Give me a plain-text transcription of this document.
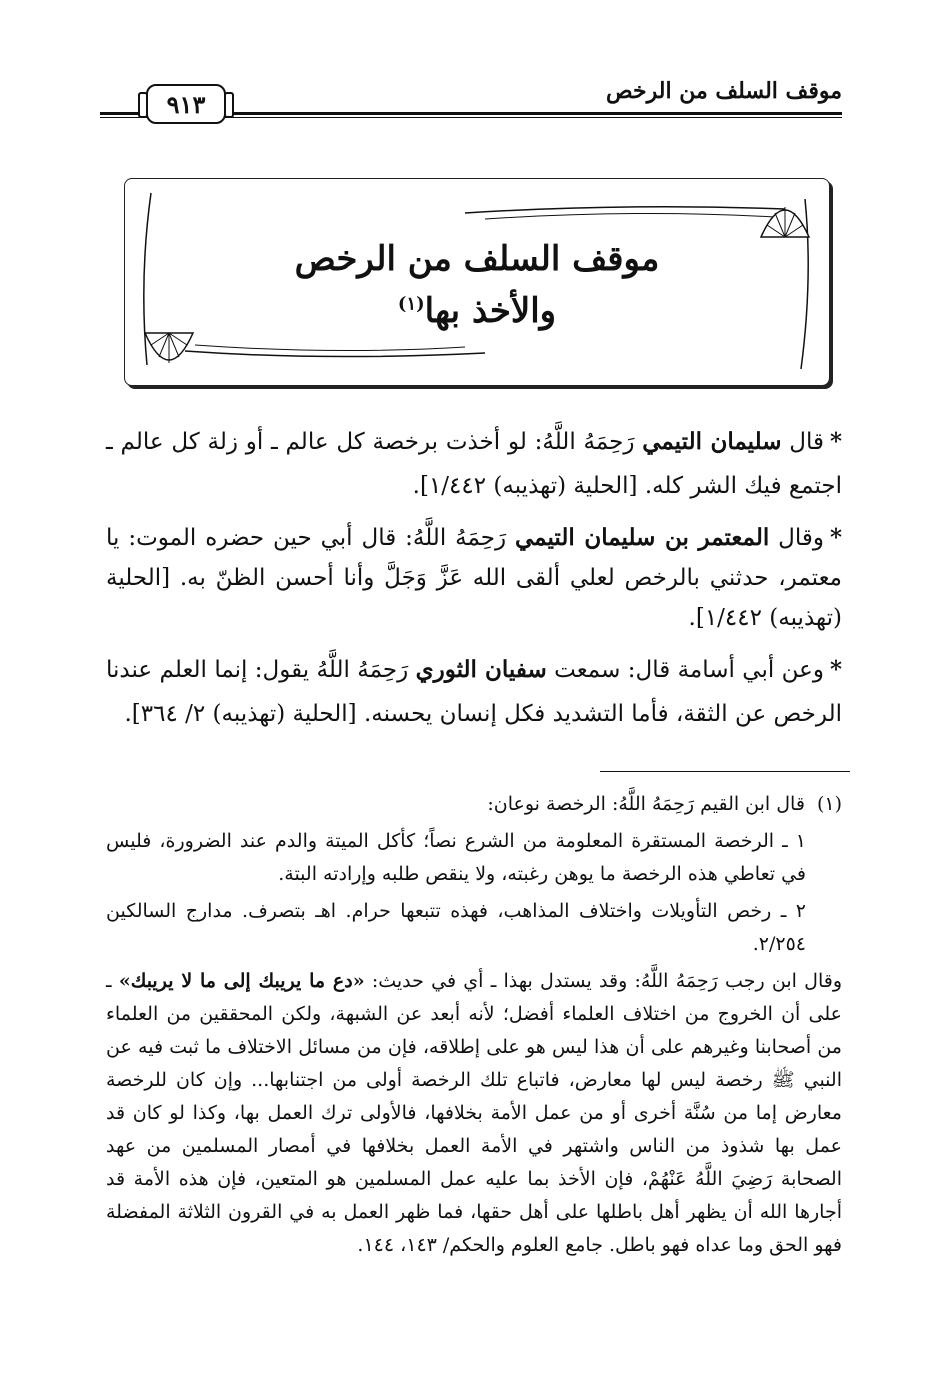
موقف السلف من الرخص
٩١٣
موقف السلف من الرخص
والأخذ بها$^{(١)}$

*قال سليمان التيمي رَحِمَهُ اللَّهُ: لو أخذت برخصة كل عالم ـ أو زلة كل عالم ـ اجتمع فيك الشر كله. [الحلية (تهذيبه) ١/٤٤٢].

*وقال المعتمر بن سليمان التيمي رَحِمَهُ اللَّهُ: قال أبي حين حضره الموت: يا معتمر، حدثني بالرخص لعلي ألقى الله عَزَّ وَجَلَّ وأنا أحسن الظنّ به. [الحلية (تهذيبه) ١/٤٤٢].

*وعن أبي أسامة قال: سمعت سفيان الثوري رَحِمَهُ اللَّهُ يقول: إنما العلم عندنا الرخص عن الثقة، فأما التشديد فكل إنسان يحسنه. [الحلية (تهذيبه) ٢/ ٣٦٤].

(١)قال ابن القيم رَحِمَهُ اللَّهُ: الرخصة نوعان:

١ ـ الرخصة المستقرة المعلومة من الشرع نصاً؛ كأكل الميتة والدم عند الضرورة، فليس في تعاطي هذه الرخصة ما يوهن رغبته، ولا ينقص طلبه وإرادته البتة.

٢ ـ رخص التأويلات واختلاف المذاهب، فهذه تتبعها حرام. اهـ بتصرف. مدارج السالكين ٢/٢٥٤.

وقال ابن رجب رَحِمَهُ اللَّهُ: وقد يستدل بهذا ـ أي في حديث: «دع ما يريبك إلى ما لا يريبك» ـ على أن الخروج من اختلاف العلماء أفضل؛ لأنه أبعد عن الشبهة، ولكن المحققين من العلماء من أصحابنا وغيرهم على أن هذا ليس هو على إطلاقه، فإن من مسائل الاختلاف ما ثبت فيه عن النبي ﷺ رخصة ليس لها معارض، فاتباع تلك الرخصة أولى من اجتنابها... وإن كان للرخصة معارض إما من سُنَّة أخرى أو من عمل الأمة بخلافها، فالأولى ترك العمل بها، وكذا لو كان قد عمل بها شذوذ من الناس واشتهر في الأمة العمل بخلافها في أمصار المسلمين من عهد الصحابة رَضِيَ اللَّهُ عَنْهُمْ، فإن الأخذ بما عليه عمل المسلمين هو المتعين، فإن هذه الأمة قد أجارها الله أن يظهر أهل باطلها على أهل حقها، فما ظهر العمل به في القرون الثلاثة المفضلة فهو الحق وما عداه فهو باطل. جامع العلوم والحكم/ ١٤٣، ١٤٤.
